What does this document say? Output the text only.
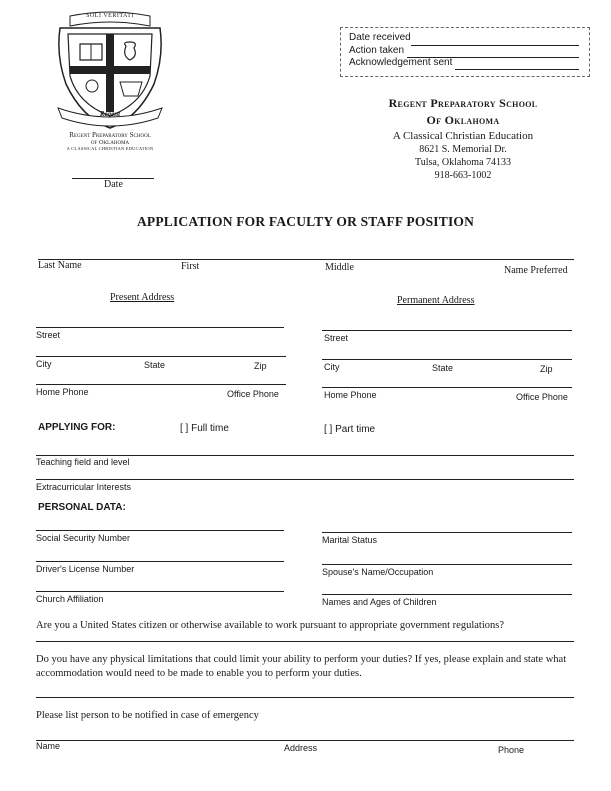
SOLI VERITATI
Regent
Regent Preparatory School
of Oklahoma
A CLASSICAL CHRISTIAN EDUCATION
Date
Date received
Action taken
Acknowledgement sent
Regent Preparatory School
Of Oklahoma
A Classical Christian Education
8621 S. Memorial Dr.
Tulsa, Oklahoma 74133
918-663-1002
APPLICATION FOR FACULTY OR STAFF POSITION
Last Name	First	Middle	Name Preferred
Present Address	Permanent Address
Street
City	State	Zip
Home Phone	Office Phone
Street
City	State	Zip
Home Phone	Office Phone
APPLYING FOR:	[ ] Full time	[ ] Part time
Teaching field and level
Extracurricular Interests
PERSONAL DATA:
Social Security Number	Marital Status
Driver's License Number	Spouse's Name/Occupation
Church Affiliation	Names and Ages of Children
Are you a United States citizen or otherwise available to work pursuant to appropriate government regulations?
Do you have any physical limitations that could limit your ability to perform your duties? If yes, please explain and state what accommodation would need to be made to enable you to perform your duties.
Please list person to be notified in case of emergency
Name	Address	Phone
